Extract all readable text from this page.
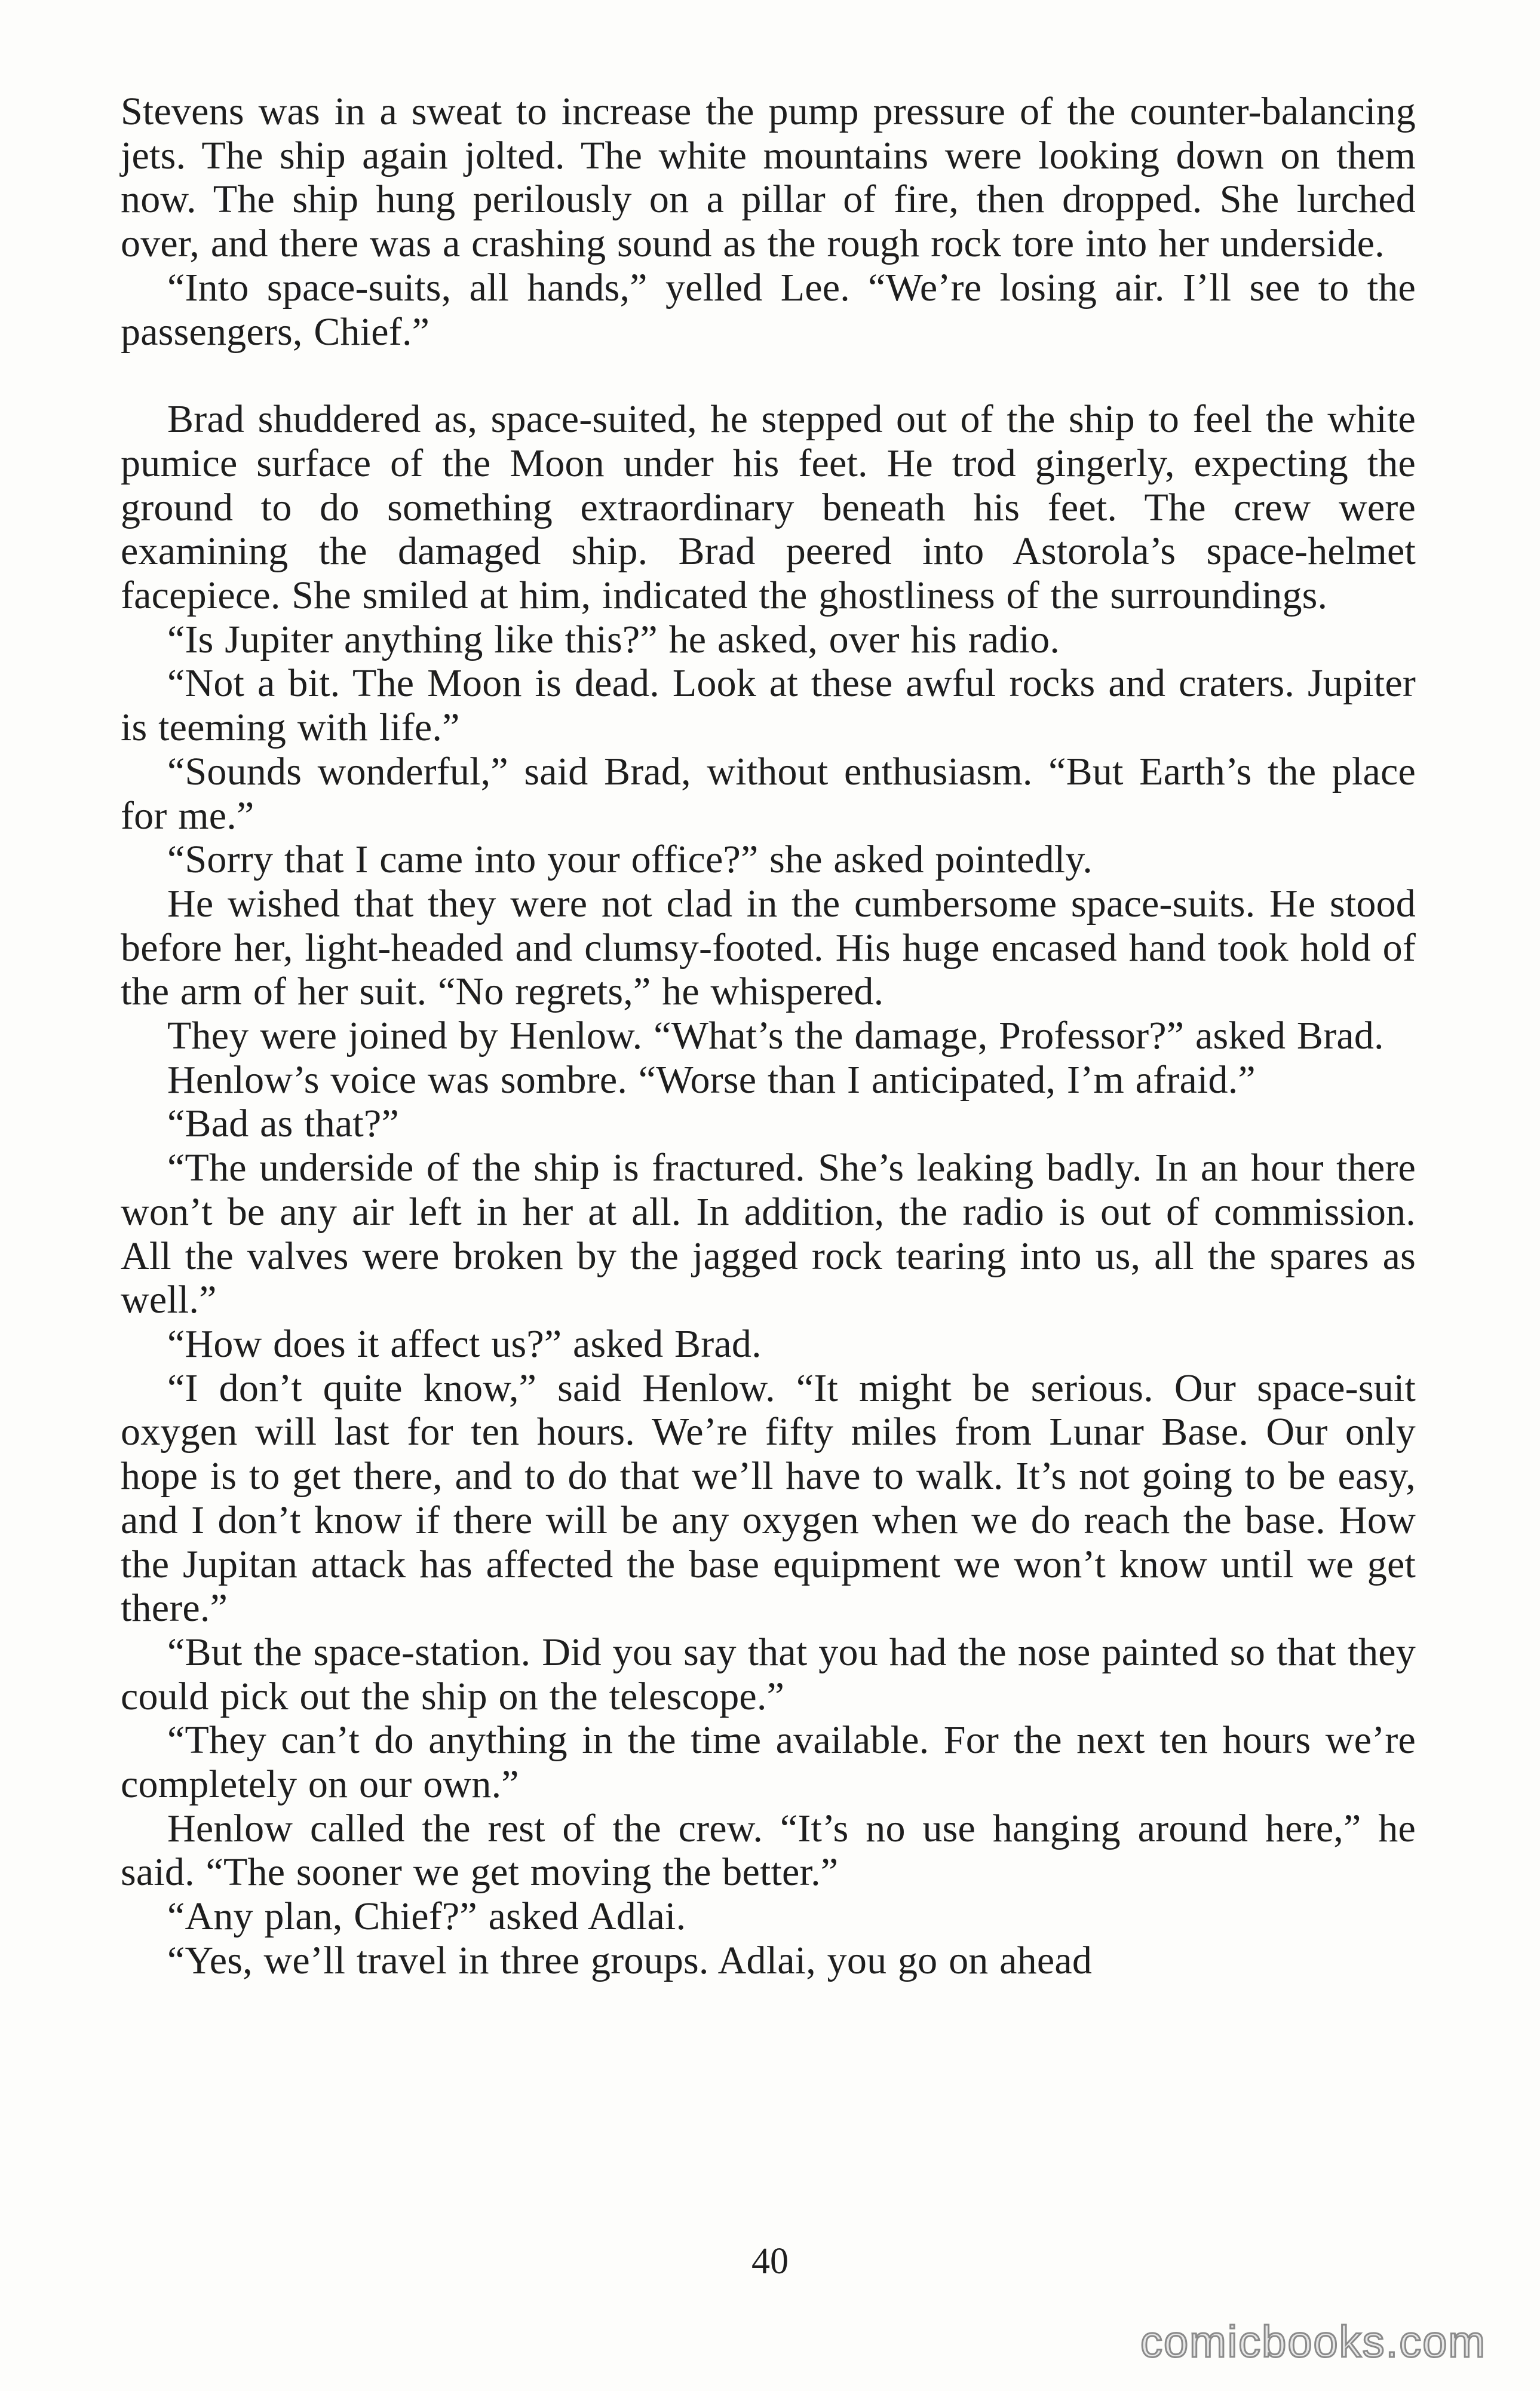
Stevens was in a sweat to increase the pump pressure of the counter-balancing jets. The ship again jolted. The white mountains were looking down on them now. The ship hung perilously on a pillar of fire, then dropped. She lurched over, and there was a crashing sound as the rough rock tore into her underside.

“Into space-suits, all hands,” yelled Lee. “We’re losing air. I’ll see to the passengers, Chief.”

Brad shuddered as, space-suited, he stepped out of the ship to feel the white pumice surface of the Moon under his feet. He trod gingerly, expecting the ground to do something extraordinary beneath his feet. The crew were examining the damaged ship. Brad peered into Astorola’s space-helmet facepiece. She smiled at him, indicated the ghostliness of the surroundings.

“Is Jupiter anything like this?” he asked, over his radio.

“Not a bit. The Moon is dead. Look at these awful rocks and craters. Jupiter is teeming with life.”

“Sounds wonderful,” said Brad, without enthusiasm. “But Earth’s the place for me.”

“Sorry that I came into your office?” she asked pointedly.

He wished that they were not clad in the cumbersome space-suits. He stood before her, light-headed and clumsy-footed. His huge encased hand took hold of the arm of her suit. “No regrets,” he whispered.

They were joined by Henlow. “What’s the damage, Professor?” asked Brad.

Henlow’s voice was sombre. “Worse than I anticipated, I’m afraid.”

“Bad as that?”

“The underside of the ship is fractured. She’s leaking badly. In an hour there won’t be any air left in her at all. In addition, the radio is out of commission. All the valves were broken by the jagged rock tearing into us, all the spares as well.”

“How does it affect us?” asked Brad.

“I don’t quite know,” said Henlow. “It might be serious. Our space-suit oxygen will last for ten hours. We’re fifty miles from Lunar Base. Our only hope is to get there, and to do that we’ll have to walk. It’s not going to be easy, and I don’t know if there will be any oxygen when we do reach the base. How the Jupitan attack has affected the base equipment we won’t know until we get there.”

“But the space-station. Did you say that you had the nose painted so that they could pick out the ship on the telescope.”

“They can’t do anything in the time available. For the next ten hours we’re completely on our own.”

Henlow called the rest of the crew. “It’s no use hanging around here,” he said. “The sooner we get moving the better.”

“Any plan, Chief?” asked Adlai.

“Yes, we’ll travel in three groups. Adlai, you go on ahead

40
comicbooks.com
